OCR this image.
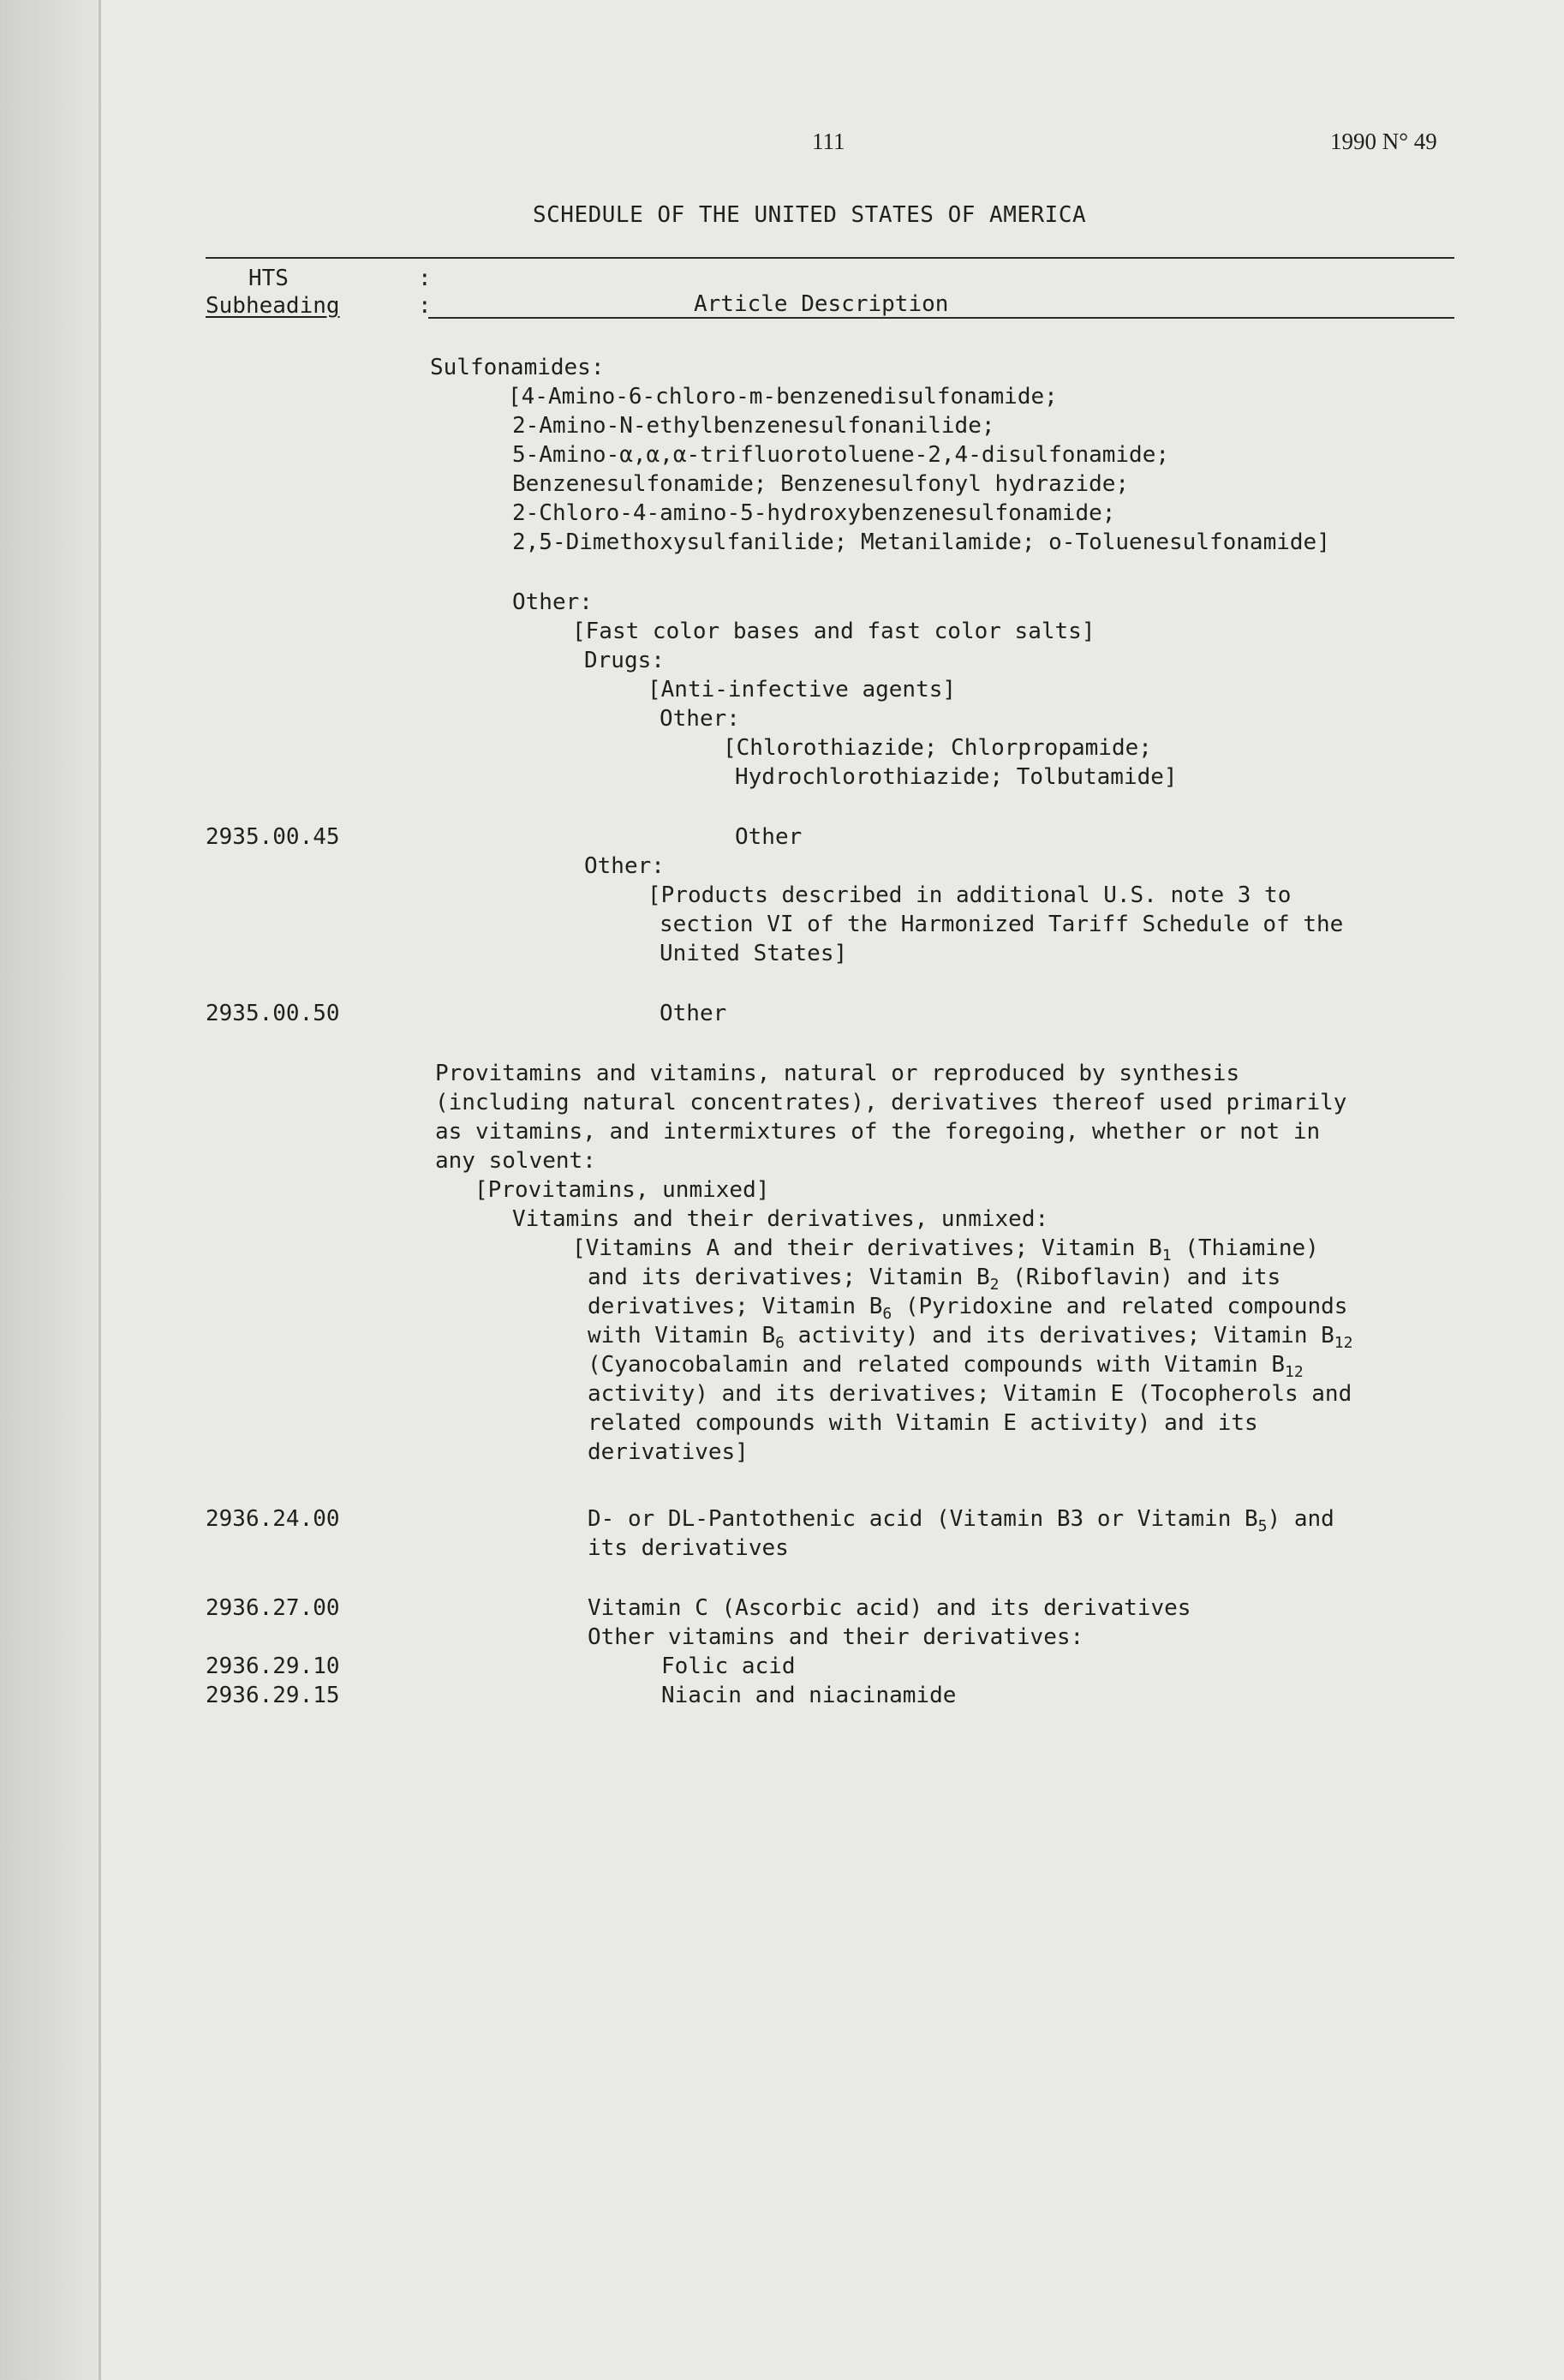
111	1990 N° 49
SCHEDULE OF THE UNITED STATES OF AMERICA
HTS
Subheading
:
:	Article Description
Sulfonamides:
[4-Amino-6-chloro-m-benzenedisulfonamide;
2-Amino-N-ethylbenzenesulfonanilide;
5-Amino-α,α,α-trifluorotoluene-2,4-disulfonamide;
Benzenesulfonamide; Benzenesulfonyl hydrazide;
2-Chloro-4-amino-5-hydroxybenzenesulfonamide;
2,5-Dimethoxysulfanilide; Metanilamide; o-Toluenesulfonamide]
Other:
[Fast color bases and fast color salts]
Drugs:
[Anti-infective agents]
Other:
[Chlorothiazide; Chlorpropamide;
Hydrochlorothiazide; Tolbutamide]
2935.00.45	Other
Other:
[Products described in additional U.S. note 3 to
section VI of the Harmonized Tariff Schedule of the
United States]
2935.00.50	Other
Provitamins and vitamins, natural or reproduced by synthesis
(including natural concentrates), derivatives thereof used primarily
as vitamins, and intermixtures of the foregoing, whether or not in
any solvent:
[Provitamins, unmixed]
Vitamins and their derivatives, unmixed:
[Vitamins A and their derivatives; Vitamin $B_1$ (Thiamine)
and its derivatives; Vitamin $B_2$ (Riboflavin) and its
derivatives; Vitamin $B_6$ (Pyridoxine and related compounds
with Vitamin $B_6$ activity) and its derivatives; Vitamin $B_{12}$
(Cyanocobalamin and related compounds with Vitamin $B_{12}$
activity) and its derivatives; Vitamin E (Tocopherols and
related compounds with Vitamin E activity) and its
derivatives]
2936.24.00	D- or DL-Pantothenic acid (Vitamin B3 or Vitamin $B_5$) and
its derivatives
2936.27.00	Vitamin C (Ascorbic acid) and its derivatives
Other vitamins and their derivatives:
2936.29.10	Folic acid
2936.29.15	Niacin and niacinamide
